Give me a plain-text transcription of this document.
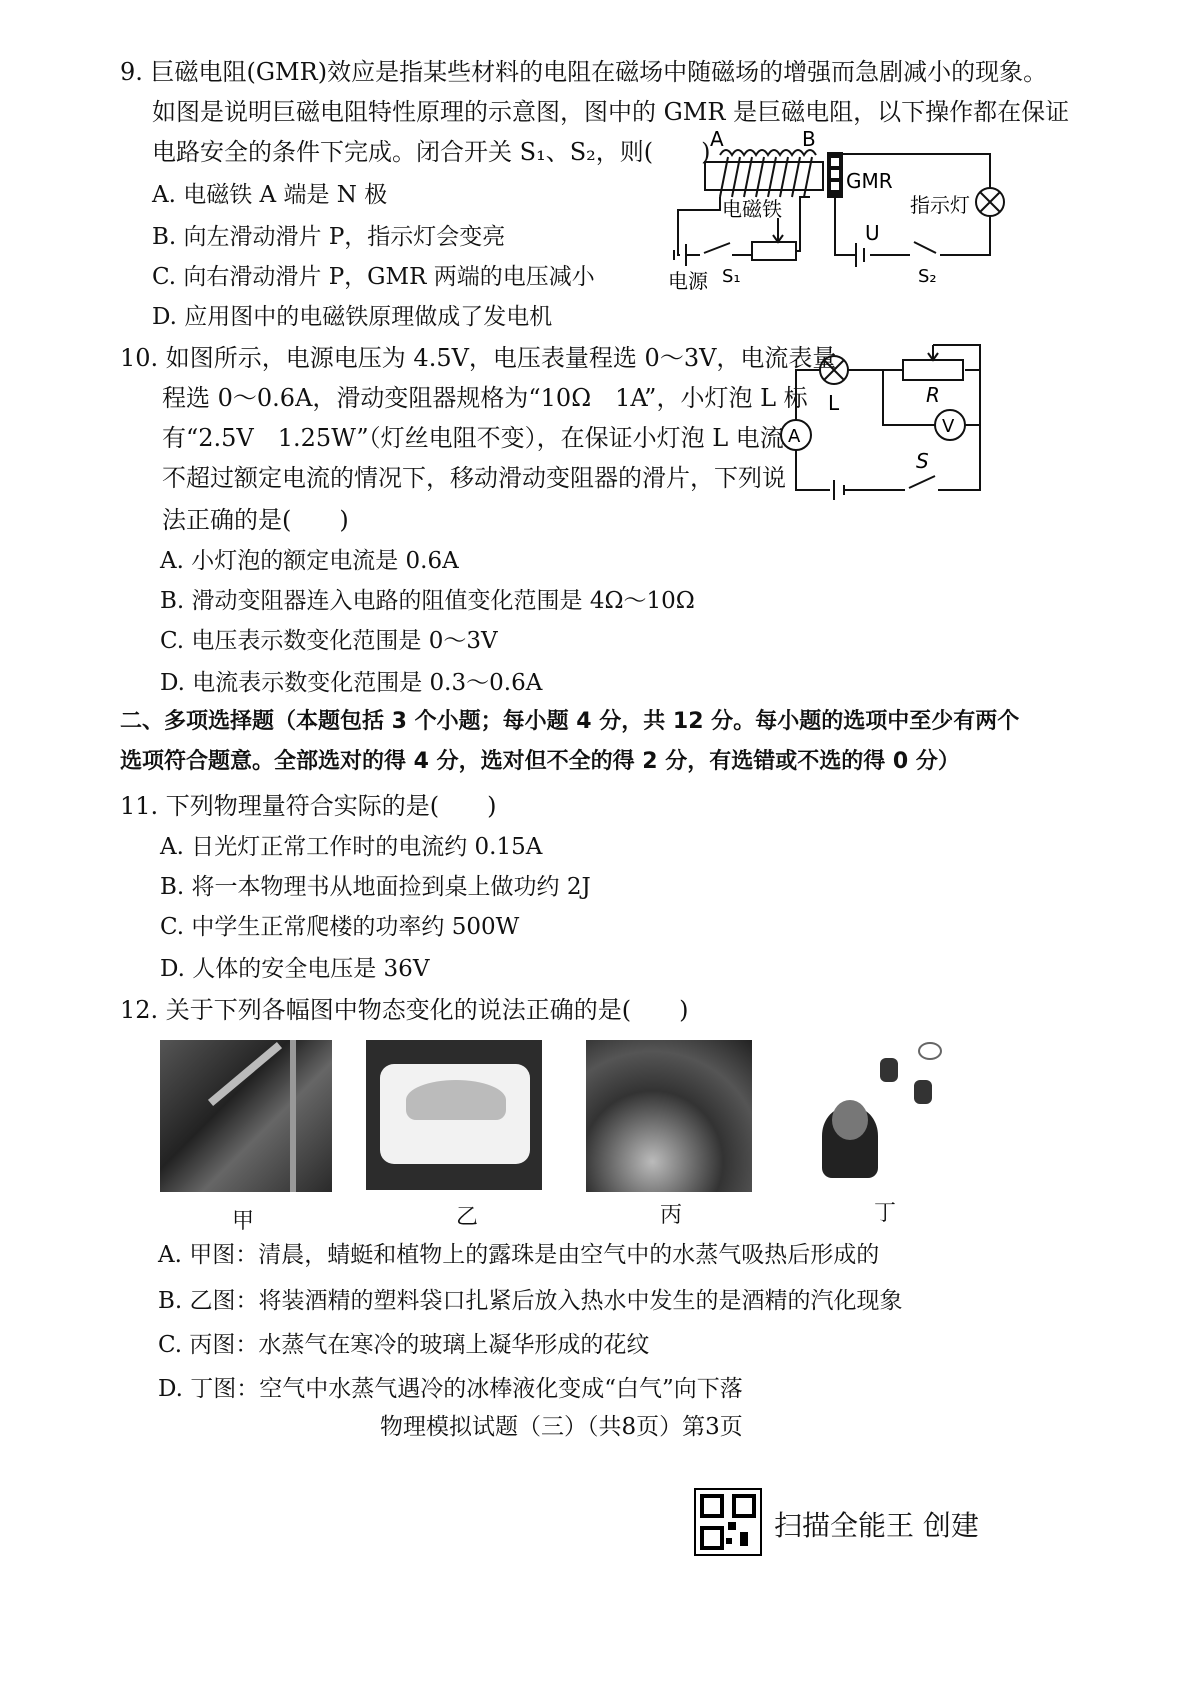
9. 巨磁电阻(GMR)效应是指某些材料的电阻在磁场中随磁场的增强而急剧减小的现象。
如图是说明巨磁电阻特性原理的示意图，图中的 GMR 是巨磁电阻，以下操作都在保证
电路安全的条件下完成。闭合开关 S₁、S₂，则(　　)
A. 电磁铁 A 端是 N 极
B. 向左滑动滑片 P，指示灯会变亮
C. 向右滑动滑片 P，GMR 两端的电压减小
D. 应用图中的电磁铁原理做成了发电机
A	B
GMR
电磁铁	指示灯
U
电源 S₁	S₂
10. 如图所示，电源电压为 4.5V，电压表量程选 0～3V，电流表量
程选 0～0.6A，滑动变阻器规格为“10Ω　1A”，小灯泡 L 标
有“2.5V　1.25W”（灯丝电阻不变），在保证小灯泡 L 电流
不超过额定电流的情况下，移动滑动变阻器的滑片，下列说
法正确的是(　　)
A. 小灯泡的额定电流是 0.6A
B. 滑动变阻器连入电路的阻值变化范围是 4Ω～10Ω
C. 电压表示数变化范围是 0～3V
D. 电流表示数变化范围是 0.3～0.6A
L	R
A	V
S
二、多项选择题（本题包括 3 个小题；每小题 4 分，共 12 分。每小题的选项中至少有两个
选项符合题意。全部选对的得 4 分，选对但不全的得 2 分，有选错或不选的得 0 分）
11. 下列物理量符合实际的是(　　)
A. 日光灯正常工作时的电流约 0.15A
B. 将一本物理书从地面捡到桌上做功约 2J
C. 中学生正常爬楼的功率约 500W
D. 人体的安全电压是 36V
12. 关于下列各幅图中物态变化的说法正确的是(　　)
甲	乙	丙	丁
A. 甲图：清晨，蜻蜓和植物上的露珠是由空气中的水蒸气吸热后形成的
B. 乙图：将装酒精的塑料袋口扎紧后放入热水中发生的是酒精的汽化现象
C. 丙图：水蒸气在寒冷的玻璃上凝华形成的花纹
D. 丁图：空气中水蒸气遇冷的冰棒液化变成“白气”向下落
物理模拟试题（三）（共8页）第3页
扫描全能王 创建
